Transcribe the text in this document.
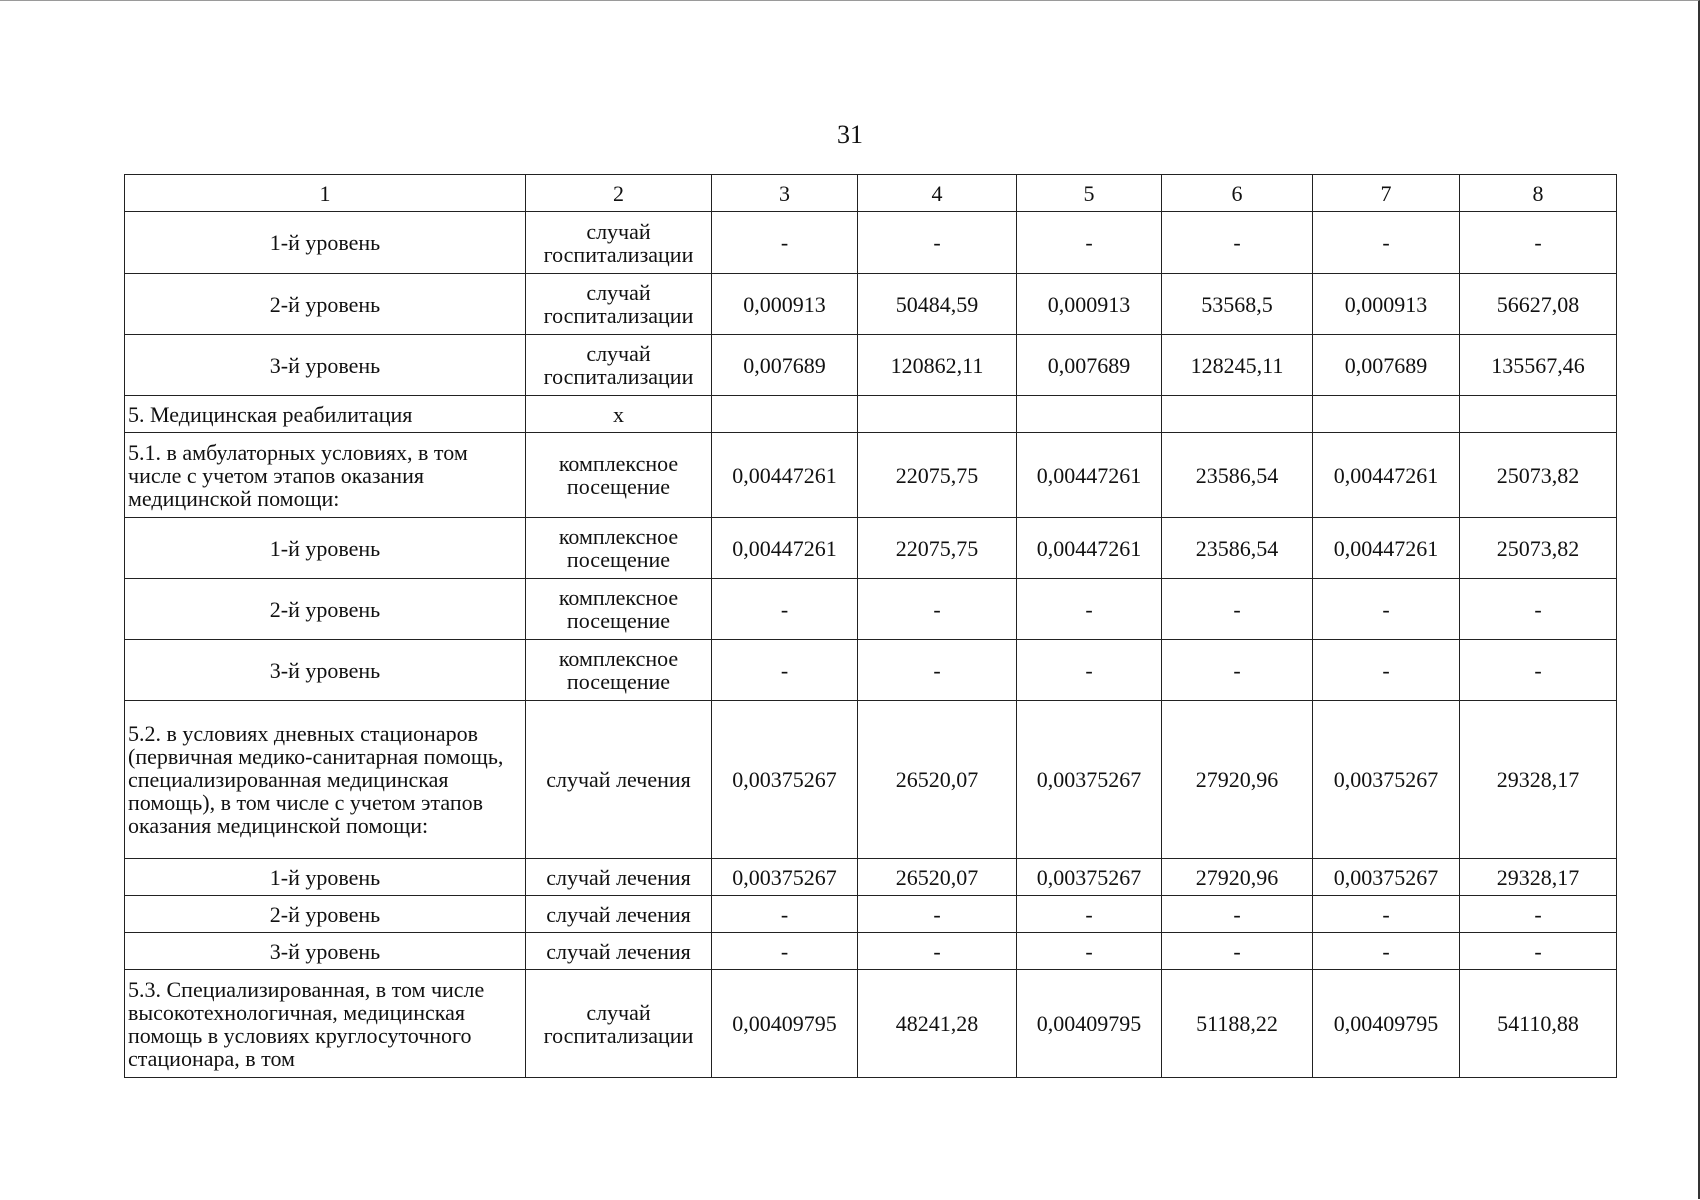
31
1	2	3	4	5	6	7	8
1-й уровень	случай госпитализации	-	-	-	-	-	-
2-й уровень	случай госпитализации	0,000913	50484,59	0,000913	53568,5	0,000913	56627,08
3-й уровень	случай госпитализации	0,007689	120862,11	0,007689	128245,11	0,007689	135567,46
5. Медицинская реабилитация	х						
5.1. в амбулаторных условиях, в том числе с учетом этапов оказания медицинской помощи:	комплексное посещение	0,00447261	22075,75	0,00447261	23586,54	0,00447261	25073,82
1-й уровень	комплексное посещение	0,00447261	22075,75	0,00447261	23586,54	0,00447261	25073,82
2-й уровень	комплексное посещение	-	-	-	-	-	-
3-й уровень	комплексное посещение	-	-	-	-	-	-
5.2. в условиях дневных стационаров (первичная медико-санитарная помощь, специализированная медицинская помощь), в том числе с учетом этапов оказания медицинской помощи:	случай лечения	0,00375267	26520,07	0,00375267	27920,96	0,00375267	29328,17
1-й уровень	случай лечения	0,00375267	26520,07	0,00375267	27920,96	0,00375267	29328,17
2-й уровень	случай лечения	-	-	-	-	-	-
3-й уровень	случай лечения	-	-	-	-	-	-
5.3. Специализированная, в том числе высокотехнологичная, медицинская помощь в условиях круглосуточного стационара, в том	случай госпитализации	0,00409795	48241,28	0,00409795	51188,22	0,00409795	54110,88
